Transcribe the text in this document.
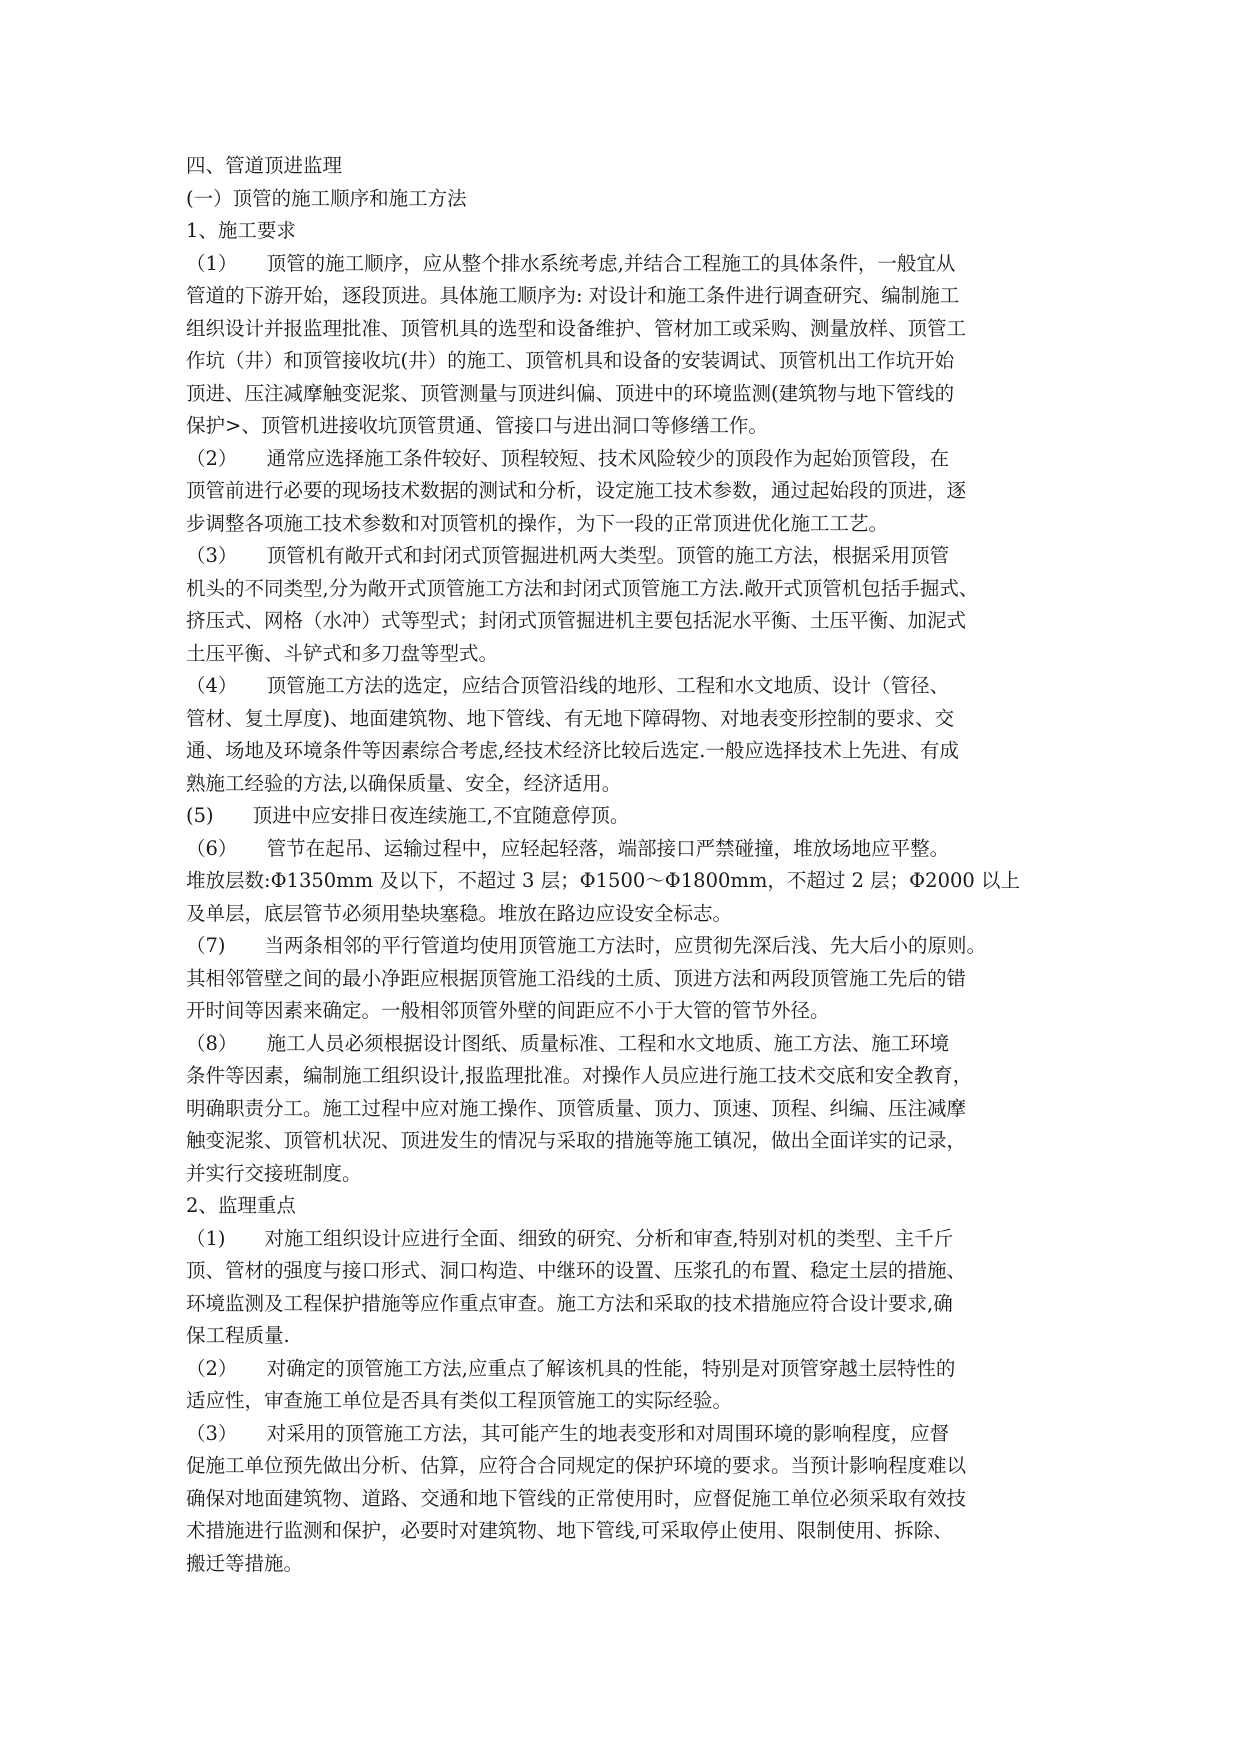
四、管道顶进监理
(一）顶管的施工顺序和施工方法
1、施工要求
（1）　　顶管的施工顺序，应从整个排水系统考虑,并结合工程施工的具体条件，一般宜从
管道的下游开始，逐段顶进。具体施工顺序为: 对设计和施工条件进行调查研究、编制施工
组织设计并报监理批准、顶管机具的选型和设备维护、管材加工或采购、测量放样、顶管工
作坑（井）和顶管接收坑(井）的施工、顶管机具和设备的安装调试、顶管机出工作坑开始
顶进、压注减摩触变泥浆、顶管测量与顶进纠偏、顶进中的环境监测(建筑物与地下管线的
保护>、顶管机进接收坑顶管贯通、管接口与进出洞口等修缮工作。
（2）　　通常应选择施工条件较好、顶程较短、技术风险较少的顶段作为起始顶管段，在
顶管前进行必要的现场技术数据的测试和分析，设定施工技术参数，通过起始段的顶进，逐
步调整各项施工技术参数和对顶管机的操作，为下一段的正常顶进优化施工工艺。
（3）　　顶管机有敞开式和封闭式顶管掘进机两大类型。顶管的施工方法，根据采用顶管
机头的不同类型,分为敞开式顶管施工方法和封闭式顶管施工方法.敞开式顶管机包括手掘式、
挤压式、网格（水冲）式等型式；封闭式顶管掘进机主要包括泥水平衡、土压平衡、加泥式
土压平衡、斗铲式和多刀盘等型式。
（4）　　顶管施工方法的选定，应结合顶管沿线的地形、工程和水文地质、设计（管径、
管材、复土厚度)、地面建筑物、地下管线、有无地下障碍物、对地表变形控制的要求、交
通、场地及环境条件等因素综合考虑,经技术经济比较后选定.一般应选择技术上先进、有成
熟施工经验的方法,以确保质量、安全，经济适用。
(5)　　顶进中应安排日夜连续施工,不宜随意停顶。
（6）　　管节在起吊、运输过程中，应轻起轻落，端部接口严禁碰撞，堆放场地应平整。
堆放层数:Φ1350mm 及以下，不超过 3 层；Φ1500～Φ1800mm，不超过 2 层；Φ2000 以上
及单层，底层管节必须用垫块塞稳。堆放在路边应设安全标志。
（7)　　当两条相邻的平行管道均使用顶管施工方法时，应贯彻先深后浅、先大后小的原则。
其相邻管壁之间的最小净距应根据顶管施工沿线的土质、顶进方法和两段顶管施工先后的错
开时间等因素来确定。一般相邻顶管外壁的间距应不小于大管的管节外径。
（8）　　施工人员必须根据设计图纸、质量标准、工程和水文地质、施工方法、施工环境
条件等因素，编制施工组织设计,报监理批准。对操作人员应进行施工技术交底和安全教育，
明确职责分工。施工过程中应对施工操作、顶管质量、顶力、顶速、顶程、纠编、压注减摩
触变泥浆、顶管机状况、顶进发生的情况与采取的措施等施工镇况，做出全面详实的记录，
并实行交接班制度。
2、监理重点
（1)　　对施工组织设计应进行全面、细致的研究、分析和审查,特别对机的类型、主千斤
顶、管材的强度与接口形式、洞口构造、中继环的设置、压浆孔的布置、稳定土层的措施、
环境监测及工程保护措施等应作重点审查。施工方法和采取的技术措施应符合设计要求,确
保工程质量.
（2）　　对确定的顶管施工方法,应重点了解该机具的性能，特别是对顶管穿越土层特性的
适应性，审查施工单位是否具有类似工程顶管施工的实际经验。
（3）　　对采用的顶管施工方法，其可能产生的地表变形和对周围环境的影响程度，应督
促施工单位预先做出分析、估算，应符合合同规定的保护环境的要求。当预计影响程度难以
确保对地面建筑物、道路、交通和地下管线的正常使用时，应督促施工单位必须采取有效技
术措施进行监测和保护，必要时对建筑物、地下管线,可采取停止使用、限制使用、拆除、
搬迁等措施。
